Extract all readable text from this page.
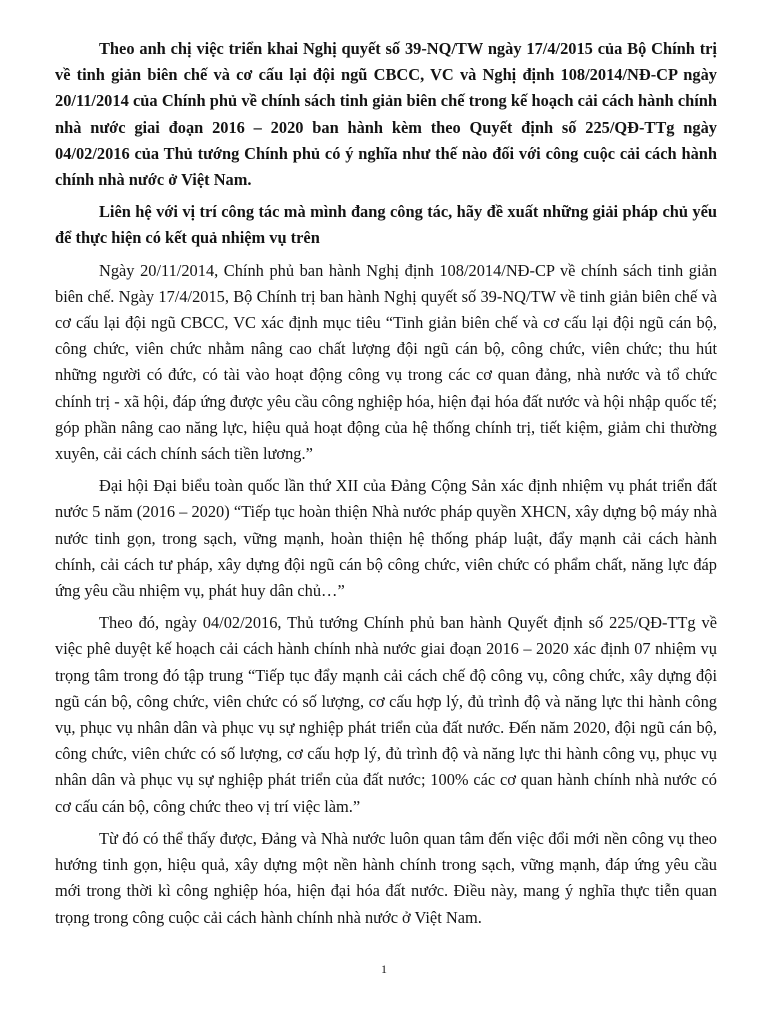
Theo anh chị việc triển khai Nghị quyết số 39-NQ/TW ngày 17/4/2015 của Bộ Chính trị về tinh giản biên chế và cơ cấu lại đội ngũ CBCC, VC và Nghị định 108/2014/NĐ-CP ngày 20/11/2014 của Chính phủ về chính sách tinh giản biên chế trong kế hoạch cải cách hành chính nhà nước giai đoạn 2016 – 2020 ban hành kèm theo Quyết định số 225/QĐ-TTg ngày 04/02/2016 của Thủ tướng Chính phủ có ý nghĩa như thế nào đối với công cuộc cải cách hành chính nhà nước ở Việt Nam.

Liên hệ với vị trí công tác mà mình đang công tác, hãy đề xuất những giải pháp chủ yếu để thực hiện có kết quả nhiệm vụ trên

Ngày 20/11/2014, Chính phủ ban hành Nghị định 108/2014/NĐ-CP về chính sách tinh giản biên chế. Ngày 17/4/2015, Bộ Chính trị ban hành Nghị quyết số 39-NQ/TW về tinh giản biên chế và cơ cấu lại đội ngũ CBCC, VC xác định mục tiêu “Tinh giản biên chế và cơ cấu lại đội ngũ cán bộ, công chức, viên chức nhằm nâng cao chất lượng đội ngũ cán bộ, công chức, viên chức; thu hút những người có đức, có tài vào hoạt động công vụ trong các cơ quan đảng, nhà nước và tổ chức chính trị - xã hội, đáp ứng được yêu cầu công nghiệp hóa, hiện đại hóa đất nước và hội nhập quốc tế; góp phần nâng cao năng lực, hiệu quả hoạt động của hệ thống chính trị, tiết kiệm, giảm chi thường xuyên, cải cách chính sách tiền lương.”

Đại hội Đại biểu toàn quốc lần thứ XII của Đảng Cộng Sản xác định nhiệm vụ phát triển đất nước 5 năm (2016 – 2020) “Tiếp tục hoàn thiện Nhà nước pháp quyền XHCN, xây dựng bộ máy nhà nước tinh gọn, trong sạch, vững mạnh, hoàn thiện hệ thống pháp luật, đẩy mạnh cải cách hành chính, cải cách tư pháp, xây dựng đội ngũ cán bộ công chức, viên chức có phẩm chất, năng lực đáp ứng yêu cầu nhiệm vụ, phát huy dân chủ…”

Theo đó, ngày 04/02/2016, Thủ tướng Chính phủ ban hành Quyết định số 225/QĐ-TTg về việc phê duyệt kế hoạch cải cách hành chính nhà nước giai đoạn 2016 – 2020 xác định 07 nhiệm vụ trọng tâm trong đó tập trung “Tiếp tục đẩy mạnh cải cách chế độ công vụ, công chức, xây dựng đội ngũ cán bộ, công chức, viên chức có số lượng, cơ cấu hợp lý, đủ trình độ và năng lực thi hành công vụ, phục vụ nhân dân và phục vụ sự nghiệp phát triển của đất nước. Đến năm 2020, đội ngũ cán bộ, công chức, viên chức có số lượng, cơ cấu hợp lý, đủ trình độ và năng lực thi hành công vụ, phục vụ nhân dân và phục vụ sự nghiệp phát triển của đất nước; 100% các cơ quan hành chính nhà nước có cơ cấu cán bộ, công chức theo vị trí việc làm.”

Từ đó có thể thấy được, Đảng và Nhà nước luôn quan tâm đến việc đổi mới nền công vụ theo hướng tinh gọn, hiệu quả, xây dựng một nền hành chính trong sạch, vững mạnh, đáp ứng yêu cầu mới trong thời kì công nghiệp hóa, hiện đại hóa đất nước. Điều này, mang ý nghĩa thực tiễn quan trọng trong công cuộc cải cách hành chính nhà nước ở Việt Nam.

1
